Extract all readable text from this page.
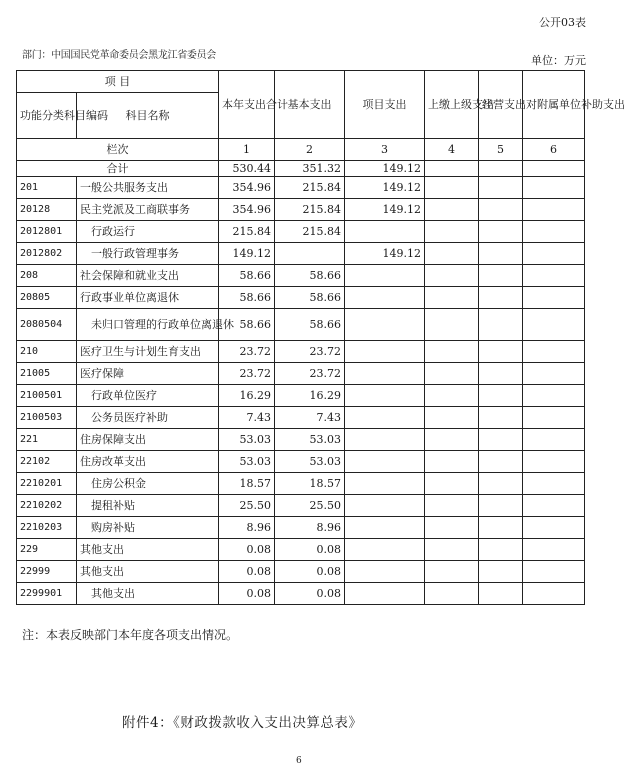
公开03表
部门：中国国民党革命委员会黑龙江省委员会	单位：万元
项 目		本年支出合计	基本支出	项目支出	上缴上级支出	经营支出	对附属单位补助支出
功能分类科目编码	科目名称						
栏次		1	2	3	4	5	6
合计		530.44	351.32	149.12			
201	一般公共服务支出	354.96	215.84	149.12			
20128	民主党派及工商联事务	354.96	215.84	149.12			
2012801	行政运行	215.84	215.84				
2012802	一般行政管理事务	149.12		149.12			
208	社会保障和就业支出	58.66	58.66				
20805	行政事业单位离退休	58.66	58.66				
2080504	未归口管理的行政单位离退休	58.66	58.66				
210	医疗卫生与计划生育支出	23.72	23.72				
21005	医疗保障	23.72	23.72				
2100501	行政单位医疗	16.29	16.29				
2100503	公务员医疗补助	7.43	7.43				
221	住房保障支出	53.03	53.03				
22102	住房改革支出	53.03	53.03				
2210201	住房公积金	18.57	18.57				
2210202	提租补贴	25.50	25.50				
2210203	购房补贴	8.96	8.96				
229	其他支出	0.08	0.08				
22999	其他支出	0.08	0.08				
2299901	其他支出	0.08	0.08				
注：本表反映部门本年度各项支出情况。
附件4：《财政拨款收入支出决算总表》
6
